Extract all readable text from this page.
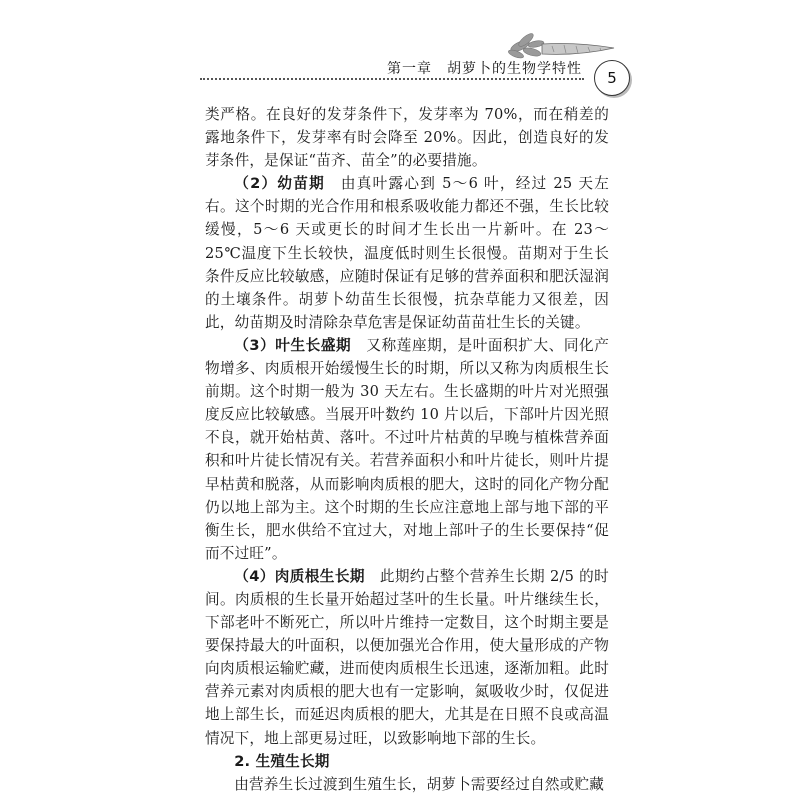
第一章　胡萝卜的生物学特性	5

类严格。在良好的发芽条件下，发芽率为 70%，而在稍差的露地条件下，发芽率有时会降至 20%。因此，创造良好的发芽条件，是保证“苗齐、苗全”的必要措施。

（2）幼苗期　由真叶露心到 5～6 叶，经过 25 天左右。这个时期的光合作用和根系吸收能力都还不强，生长比较缓慢，5～6 天或更长的时间才生长出一片新叶。在 23～25℃温度下生长较快，温度低时则生长很慢。苗期对于生长条件反应比较敏感，应随时保证有足够的营养面积和肥沃湿润的土壤条件。胡萝卜幼苗生长很慢，抗杂草能力又很差，因此，幼苗期及时清除杂草危害是保证幼苗苗壮生长的关键。

（3）叶生长盛期　又称莲座期，是叶面积扩大、同化产物增多、肉质根开始缓慢生长的时期，所以又称为肉质根生长前期。这个时期一般为 30 天左右。生长盛期的叶片对光照强度反应比较敏感。当展开叶数约 10 片以后，下部叶片因光照不良，就开始枯黄、落叶。不过叶片枯黄的早晚与植株营养面积和叶片徒长情况有关。若营养面积小和叶片徒长，则叶片提早枯黄和脱落，从而影响肉质根的肥大，这时的同化产物分配仍以地上部为主。这个时期的生长应注意地上部与地下部的平衡生长，肥水供给不宜过大，对地上部叶子的生长要保持“促而不过旺”。

（4）肉质根生长期　此期约占整个营养生长期 2/5 的时间。肉质根的生长量开始超过茎叶的生长量。叶片继续生长，下部老叶不断死亡，所以叶片维持一定数目，这个时期主要是要保持最大的叶面积，以便加强光合作用，使大量形成的产物向肉质根运输贮藏，进而使肉质根生长迅速，逐渐加粗。此时营养元素对肉质根的肥大也有一定影响，氮吸收少时，仅促进地上部生长，而延迟肉质根的肥大，尤其是在日照不良或高温情况下，地上部更易过旺，以致影响地下部的生长。

2. 生殖生长期

由营养生长过渡到生殖生长，胡萝卜需要经过自然或贮藏
